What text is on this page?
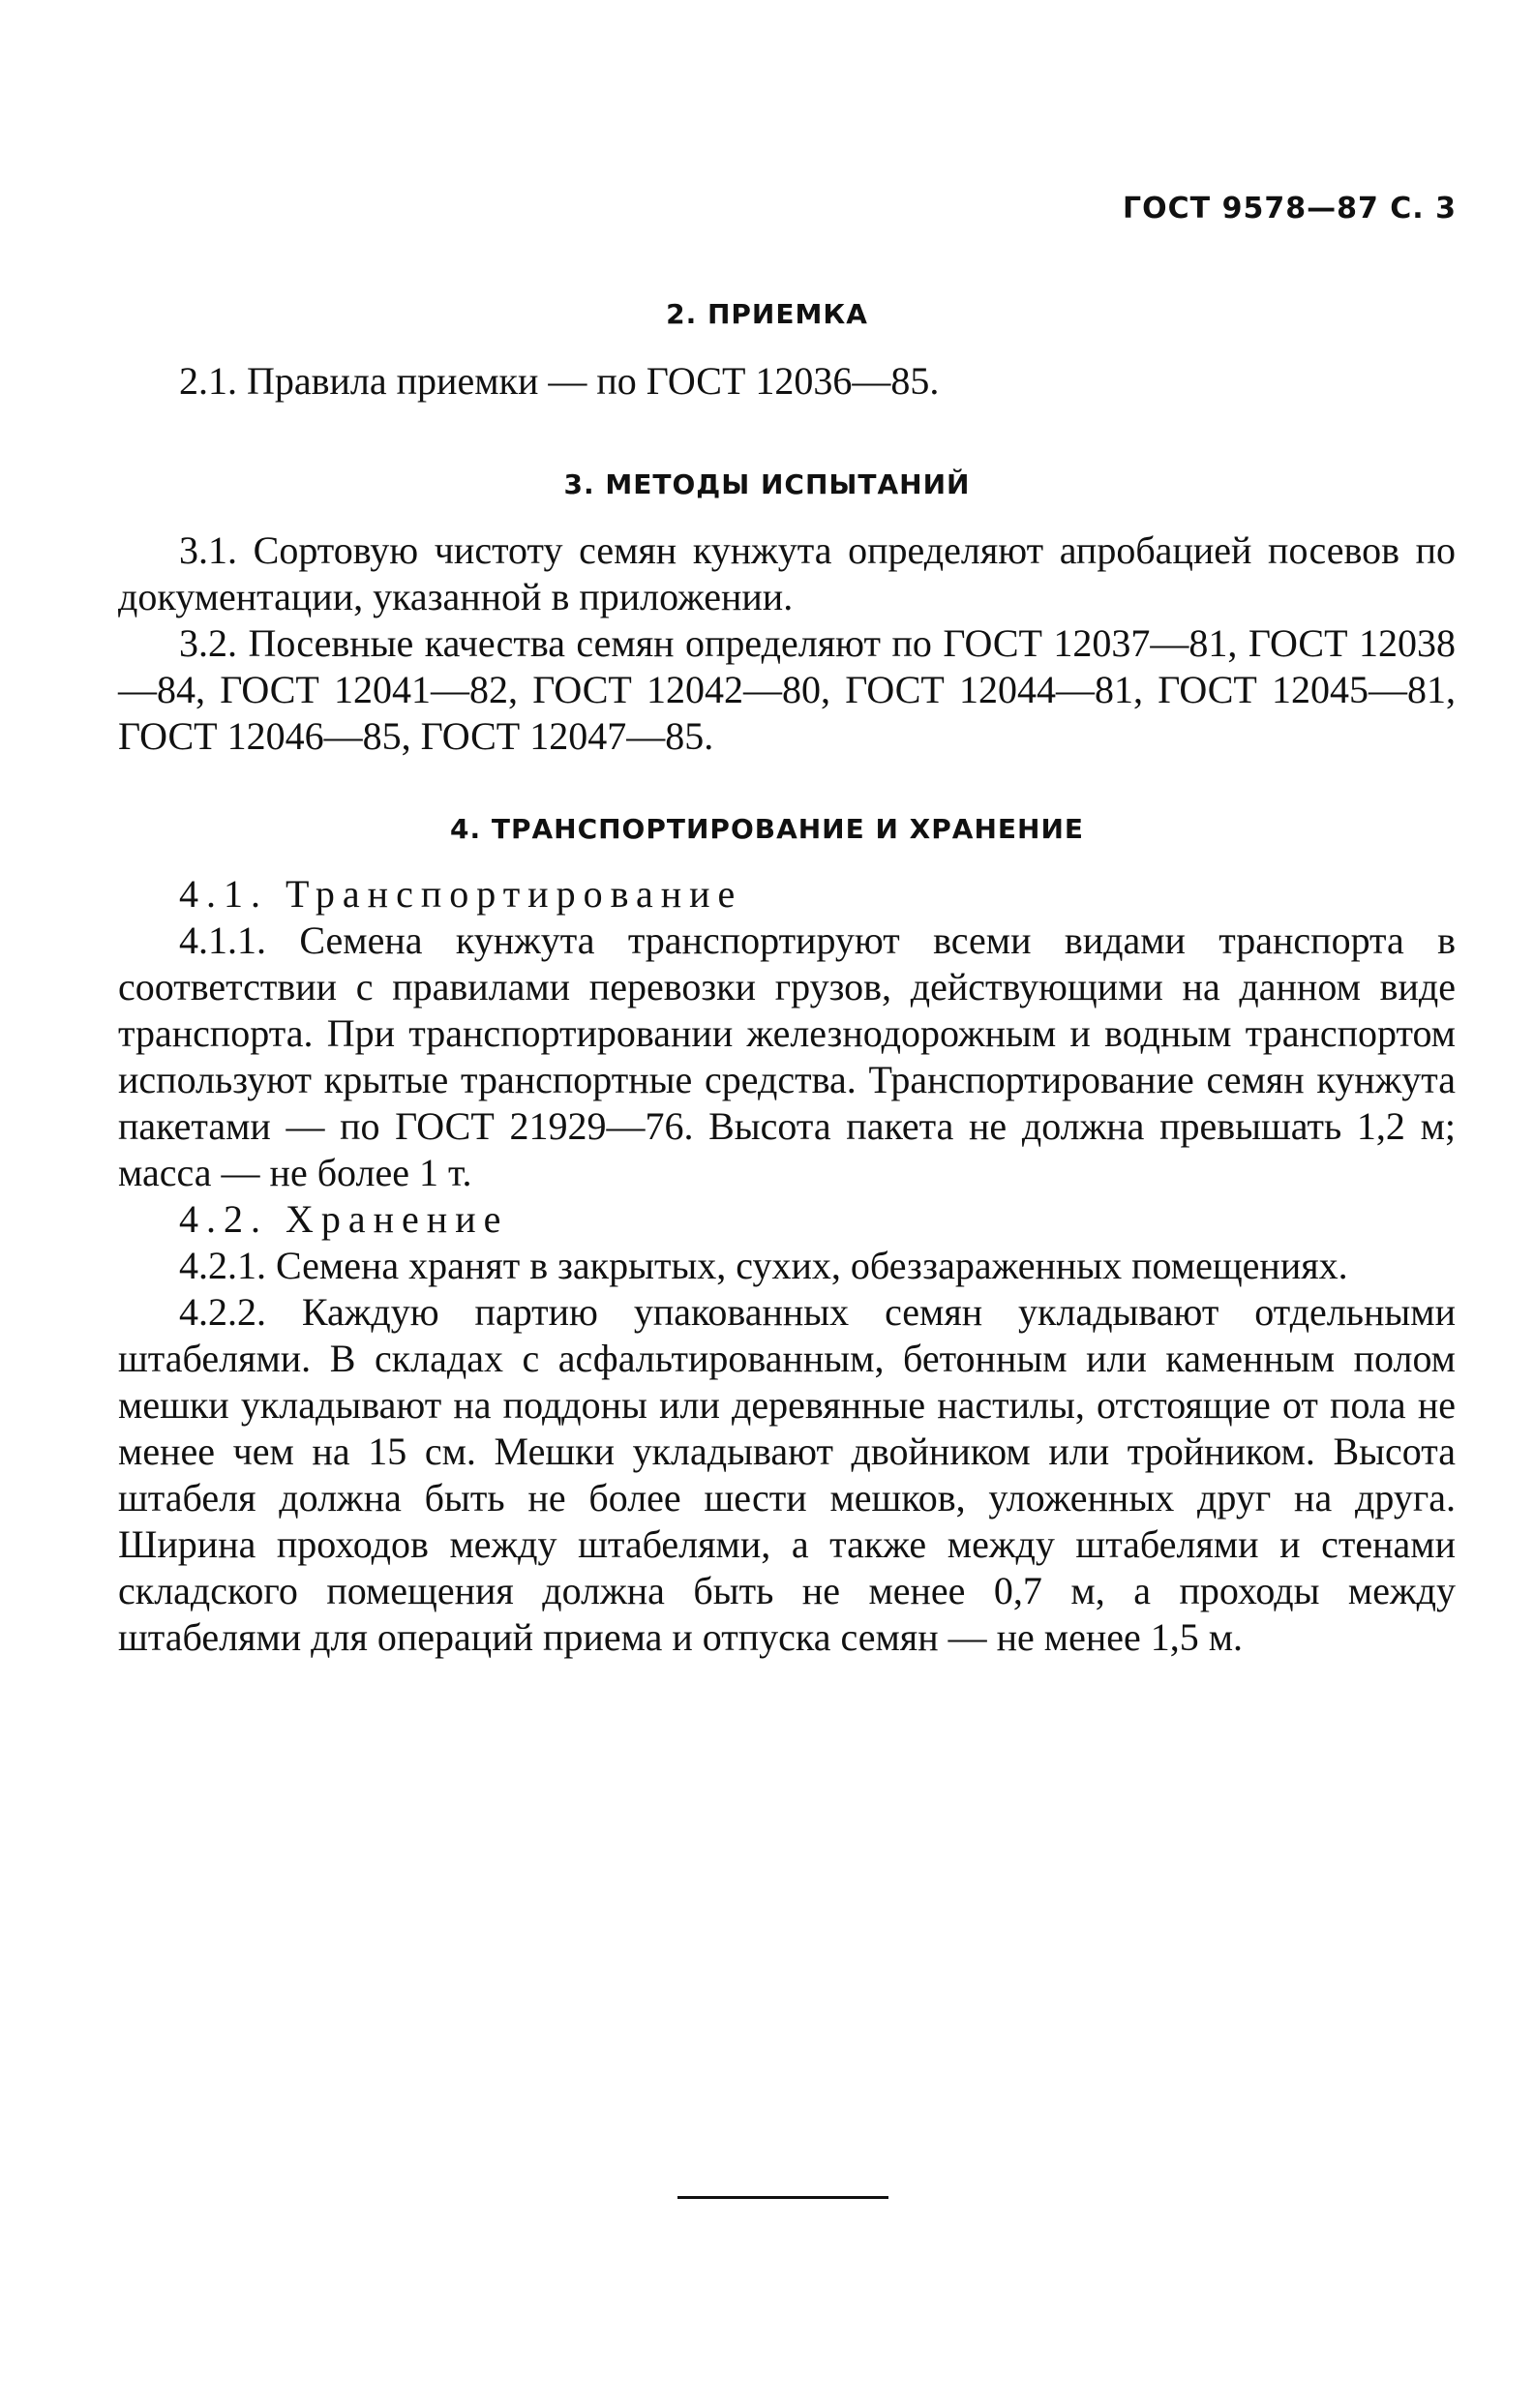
ГОСТ 9578—87 С. 3
2. ПРИЕМКА

2.1. Правила приемки — по ГОСТ 12036—85.

3. МЕТОДЫ ИСПЫТАНИЙ

3.1. Сортовую чистоту семян кунжута определяют апробацией посевов по документации, указанной в приложении.

3.2. Посевные качества семян определяют по ГОСТ 12037—81, ГОСТ 12038—84, ГОСТ 12041—82, ГОСТ 12042—80, ГОСТ 12044—81, ГОСТ 12045—81, ГОСТ 12046—85, ГОСТ 12047—85.

4. ТРАНСПОРТИРОВАНИЕ И ХРАНЕНИЕ

4.1. Транспортирование

4.1.1. Семена кунжута транспортируют всеми видами транспорта в соответствии с правилами перевозки грузов, действующими на данном виде транспорта. При транспортировании железнодорожным и водным транспортом используют крытые транспортные средства. Транспортирование семян кунжута пакетами — по ГОСТ 21929—76. Высота пакета не должна превышать 1,2 м; масса — не более 1 т.

4.2. Хранение

4.2.1. Семена хранят в закрытых, сухих, обеззараженных помещениях.

4.2.2. Каждую партию упакованных семян укладывают отдельными штабелями. В складах с асфальтированным, бетонным или каменным полом мешки укладывают на поддоны или деревянные настилы, отстоящие от пола не менее чем на 15 см. Мешки укладывают двойником или тройником. Высота штабеля должна быть не более шести мешков, уложенных друг на друга. Ширина проходов между штабелями, а также между штабелями и стенами складского помещения должна быть не менее 0,7 м, а проходы между штабелями для операций приема и отпуска семян — не менее 1,5 м.
